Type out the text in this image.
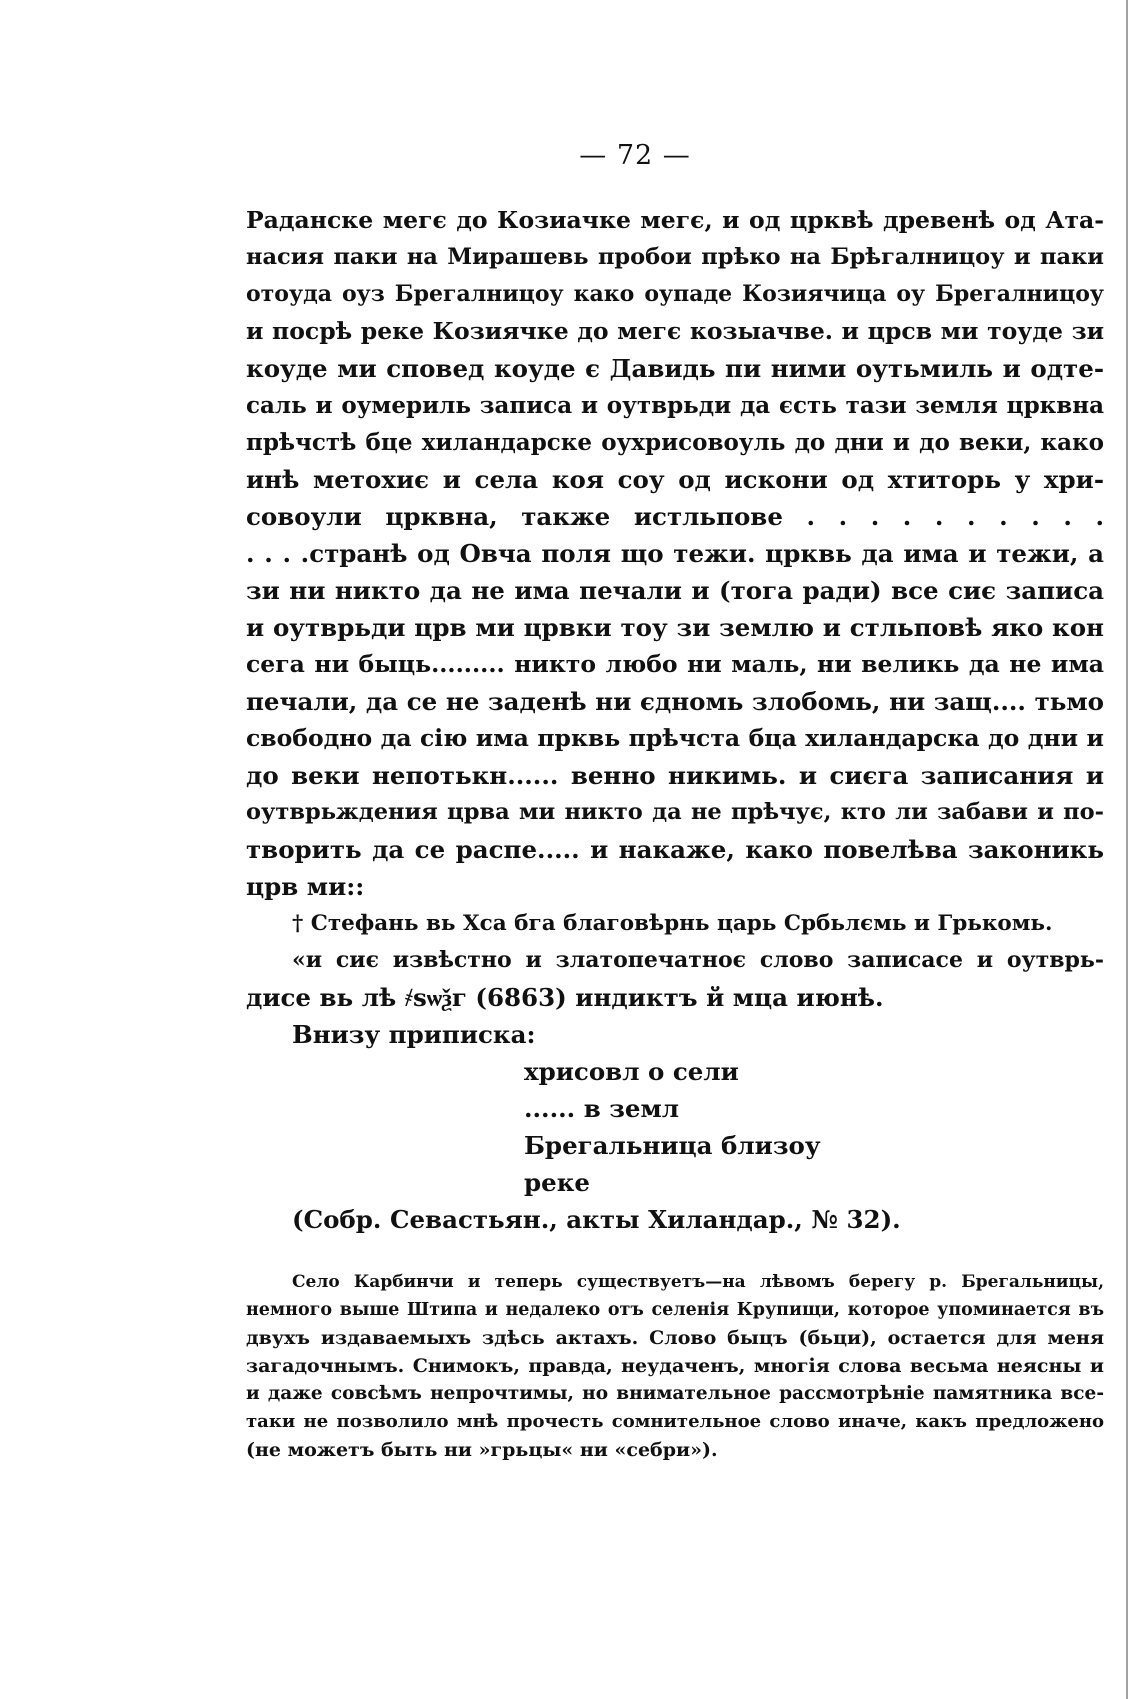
— 72 —
Раданске мегє до Козиачке мегє, и од црквѣ древенѣ од Ата-
насия паки на Мирашевь пробои прѣко на Брѣгалницоу и паки
отоуда оуз Брегалницоу како оупаде Козиячица оу Брегалницоу
и посрѣ реке Козиячке до мегє козыачве. и црсв ми тоуде зи
коуде ми сповед коуде є Давидь пи ними оутьмиль и одте-
саль и оумериль записа и оутврьди да єсть тази земля црквна
прѣчстѣ бце хиландарске оухрисовоуль до дни и до веки, како
инѣ метохиє и села коя соу од искони од хтиторь у хри-
совоули црквна, также истльпове . . . . . . . . . .
. . . .странѣ од Овча поля що тежи. црквь да има и тежи, а
зи ни никто да не има печали и (тога ради) все сиє записа
и оутврьди црв ми црвки тоу зи землю и стльповѣ яко кон
сега ни быць......... никто любо ни маль, ни великь да не има
печали, да се не заденѣ ни єдномь злобомь, ни защ.... тьмо
свободно да сію има прквь прѣчста бца хиландарска до дни и
до веки непотькн...... венно никимь. и сиєга записания и
оутврьждения црва ми никто да не прѣчує, кто ли забави и по-
творить да се распе..... и накаже, како повелѣва законикь
црв ми::
† Стефань вь Хса бга благовѣрнь царь Србьлємь и Грькомь.
«и сиє извѣстно и златопечатноє слово записасе и оутврь-
дисе вь лѣ ҂ѕѡѯг (6863) индиктъ й мца июнѣ.
Внизу приписка:
хрисовл о сели
...... в земл
Брегальница близоу
реке
(Собр. Севастьян., акты Хиландар., № 32).
Село Карбинчи и теперь существуетъ—на лѣвомъ берегу р. Брегальницы,
немного выше Штипа и недалеко отъ селенія Крупищи, которое упоминается въ
двухъ издаваемыхъ здѣсь актахъ. Слово быцъ (бьци), остается для меня
загадочнымъ. Снимокъ, правда, неудаченъ, многія слова весьма неясны и
и даже совсѣмъ непрочтимы, но внимательное рассмотрѣніе памятника все-
таки не позволило мнѣ прочесть сомнительное слово иначе, какъ предложено
(не можетъ быть ни »грьцы« ни «себри»).
